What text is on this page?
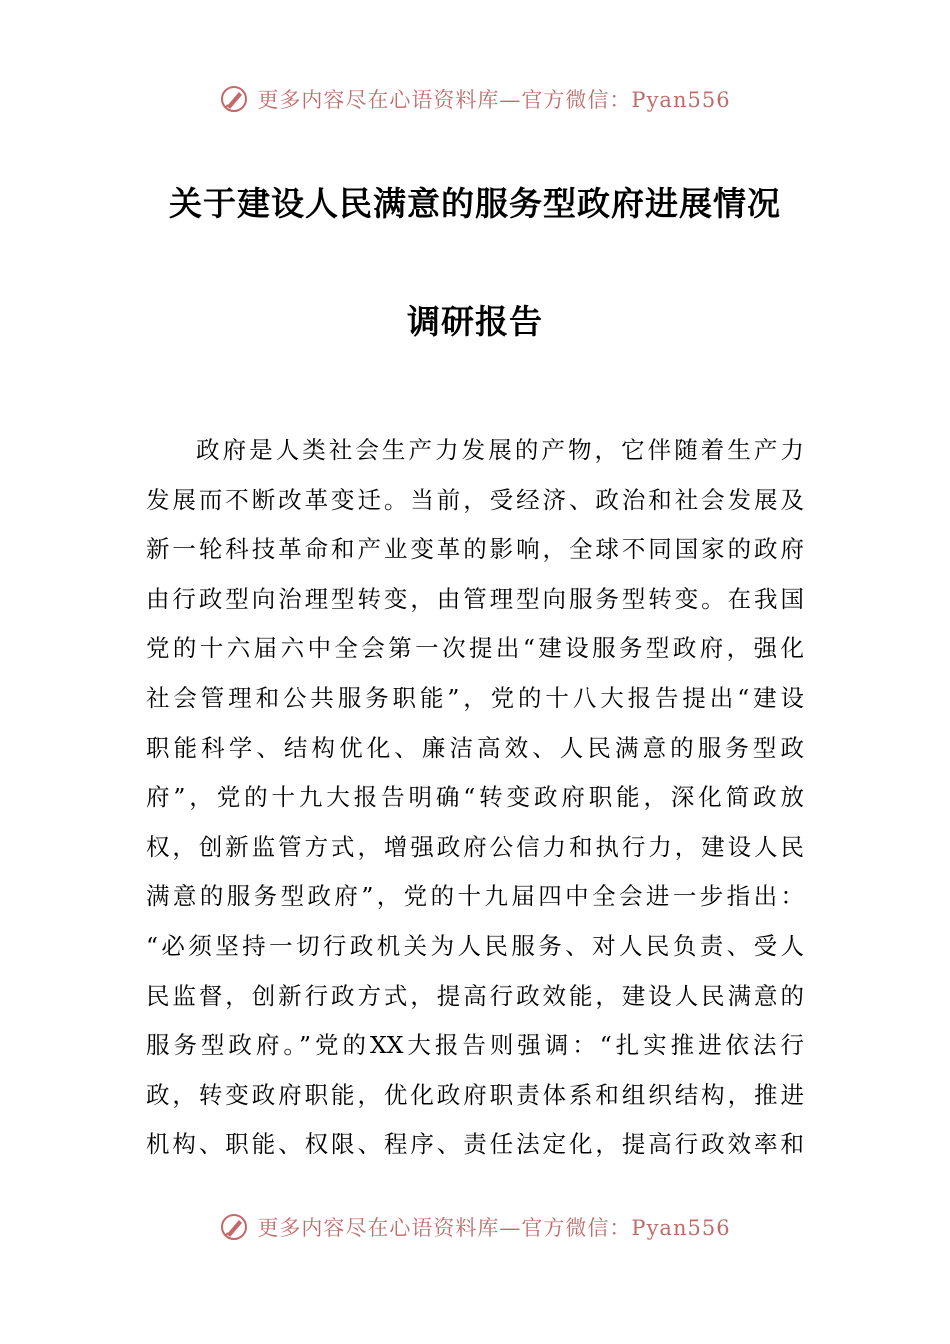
更多内容尽在心语资料库—官方微信：Pyan556
关于建设人民满意的服务型政府进展情况
调研报告
政府是人类社会生产力发展的产物，它伴随着生产力
发展而不断改革变迁。当前，受经济、政治和社会发展及
新一轮科技革命和产业变革的影响，全球不同国家的政府
由行政型向治理型转变，由管理型向服务型转变。在我国
党的十六届六中全会第一次提出“建设服务型政府，强化
社会管理和公共服务职能”，党的十八大报告提出“建设
职能科学、结构优化、廉洁高效、人民满意的服务型政
府”，党的十九大报告明确“转变政府职能，深化简政放
权，创新监管方式，增强政府公信力和执行力，建设人民
满意的服务型政府”，党的十九届四中全会进一步指出：
“必须坚持一切行政机关为人民服务、对人民负责、受人
民监督，创新行政方式，提高行政效能，建设人民满意的
服务型政府。”党的XX大报告则强调：“扎实推进依法行
政，转变政府职能，优化政府职责体系和组织结构，推进
机构、职能、权限、程序、责任法定化，提高行政效率和
更多内容尽在心语资料库—官方微信：Pyan556
